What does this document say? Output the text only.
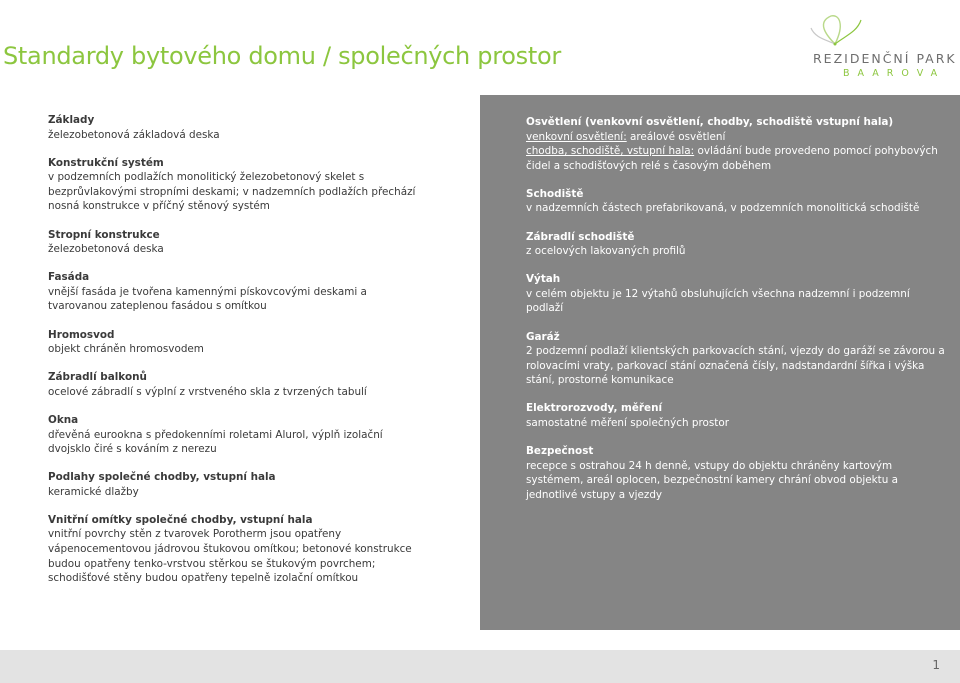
Standardy bytového domu / společných prostor	REZIDENČNÍ PARK
BAAROVA
Základy

železobetonová základová deska

Konstrukční systém

v podzemních podlažích monolitický železobetonový skelet s bezprůvlakovými stropními deskami; v nadzemních podlažích přechází nosná konstrukce v příčný stěnový systém

Stropní konstrukce

železobetonová deska

Fasáda

vnější fasáda je tvořena kamennými pískovcovými deskami a tvarovanou zateplenou fasádou s omítkou

Hromosvod

objekt chráněn hromosvodem

Zábradlí balkonů

ocelové zábradlí s výplní z vrstveného skla z tvrzených tabulí

Okna

dřevěná eurookna s předokenními roletami Alurol, výplň izolační dvojsklo čiré s kováním z nerezu

Podlahy společné chodby, vstupní hala

keramické dlažby

Vnitřní omítky společné chodby, vstupní hala

vnitřní povrchy stěn z tvarovek Porotherm jsou opatřeny vápenocementovou jádrovou štukovou omítkou; betonové konstrukce budou opatřeny tenko-vrstvou stěrkou se štukovým povrchem; schodišťové stěny budou opatřeny tepelně izolační omítkou

Osvětlení (venkovní osvětlení, chodby, schodiště vstupní hala)

venkovní osvětlení: areálové osvětlení

chodba, schodiště, vstupní hala: ovládání bude provedeno pomocí pohybových čidel a schodišťových relé s časovým doběhem

Schodiště

v nadzemních částech prefabrikovaná, v podzemních monolitická schodiště

Zábradlí schodiště

z ocelových lakovaných profilů

Výtah

v celém objektu je 12 výtahů obsluhujících všechna nadzemní i podzemní podlaží

Garáž

2 podzemní podlaží klientských parkovacích stání, vjezdy do garáží se závorou a rolovacími vraty, parkovací stání označená čísly, nadstandardní šířka i výška stání, prostorné komunikace

Elektrorozvody, měření

samostatné měření společných prostor

Bezpečnost

recepce s ostrahou 24 h denně, vstupy do objektu chráněny kartovým systémem, areál oplocen, bezpečnostní kamery chrání obvod objektu a jednotlivé vstupy a vjezdy

1
